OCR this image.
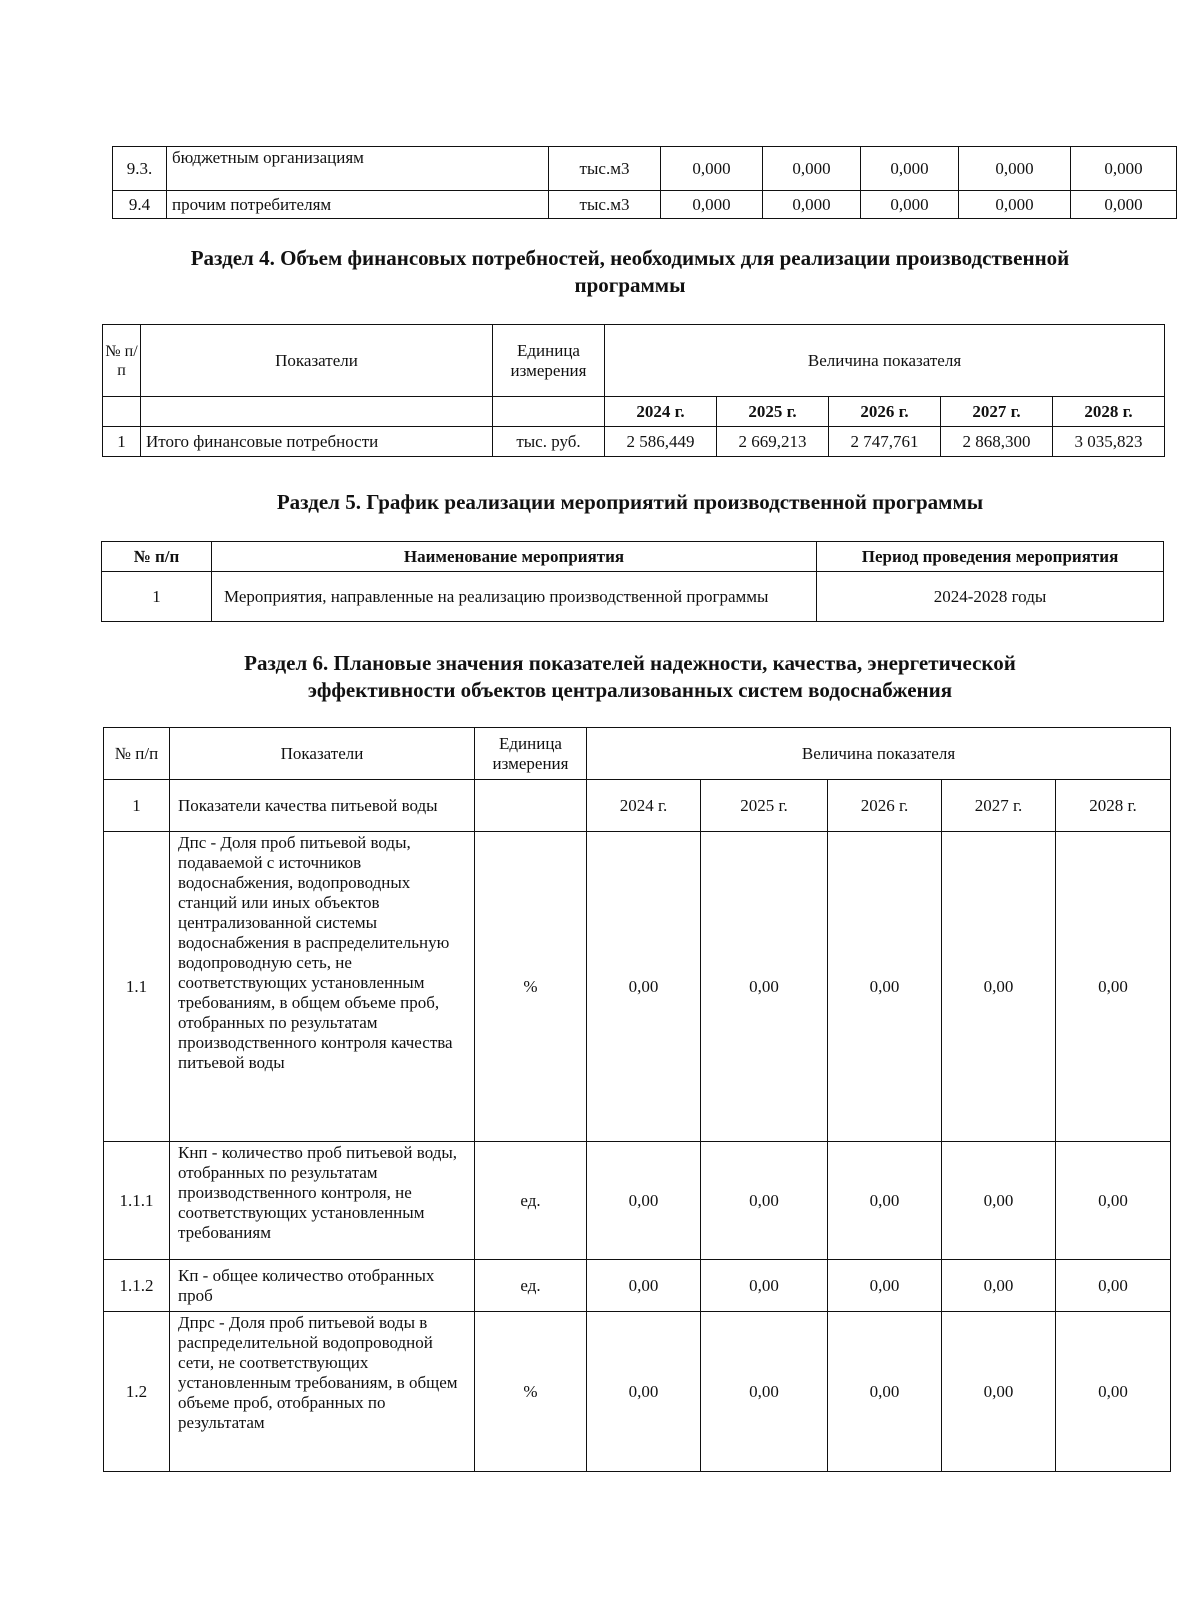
9.3.	бюджетным организациям	тыс.м3	0,000	0,000	0,000	0,000	0,000
9.4	прочим потребителям	тыс.м3	0,000	0,000	0,000	0,000	0,000
Раздел 4. Объем финансовых потребностей, необходимых для реализации производственной
программы
№ п/ п	Показатели	Единица измерения	Величина показателя				
			2024 г.	2025 г.	2026 г.	2027 г.	2028 г.
1	Итого финансовые потребности	тыс. руб.	2 586,449	2 669,213	2 747,761	2 868,300	3 035,823
Раздел 5. График реализации мероприятий производственной программы
№ п/п	Наименование мероприятия	Период проведения мероприятия
1	Мероприятия, направленные на реализацию производственной программы	2024-2028 годы
Раздел 6. Плановые значения показателей надежности, качества, энергетической
эффективности объектов централизованных систем водоснабжения
№ п/п	Показатели	Единица измерения	Величина показателя				
1	Показатели качества питьевой воды		2024 г.	2025 г.	2026 г.	2027 г.	2028 г.
1.1	Дпс - Доля проб питьевой воды, подаваемой с источников водоснабжения, водопроводных станций или иных объектов централизованной системы водоснабжения в распределительную водопроводную сеть, не соответствующих установленным требованиям, в общем объеме проб, отобранных по результатам производственного контроля качества питьевой воды	%	0,00	0,00	0,00	0,00	0,00
1.1.1	Кнп - количество проб питьевой воды, отобранных по результатам производственного контроля, не соответствующих установленным требованиям	ед.	0,00	0,00	0,00	0,00	0,00
1.1.2	Кп - общее количество отобранных проб	ед.	0,00	0,00	0,00	0,00	0,00
1.2	Дпрс - Доля проб питьевой воды в распределительной водопроводной сети, не соответствующих установленным требованиям, в общем объеме проб, отобранных по результатам	%	0,00	0,00	0,00	0,00	0,00
